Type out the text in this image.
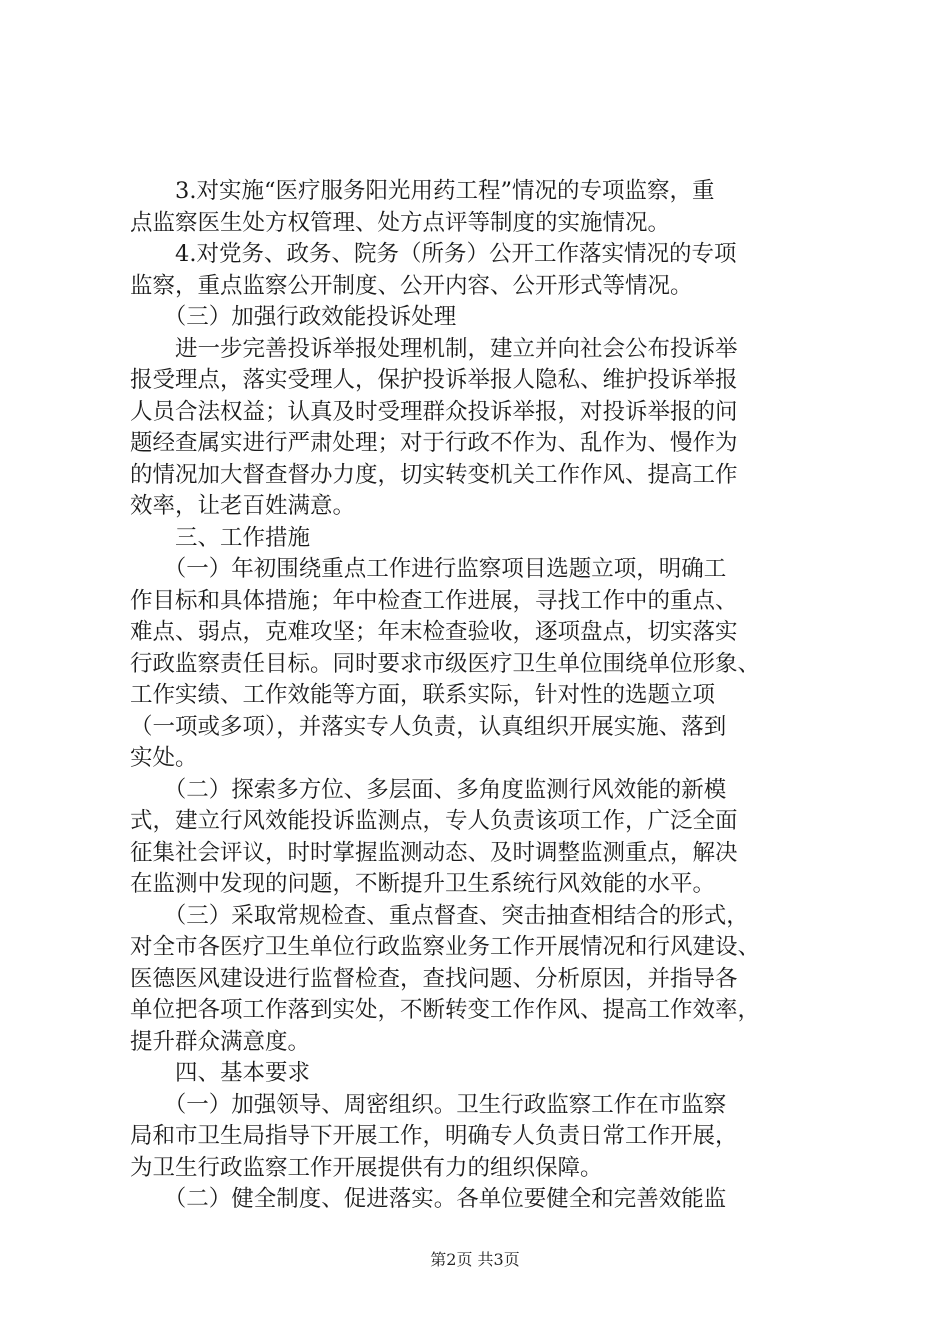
　　3.对实施“医疗服务阳光用药工程”情况的专项监察，重
点监察医生处方权管理、处方点评等制度的实施情况。
　　4.对党务、政务、院务（所务）公开工作落实情况的专项
监察，重点监察公开制度、公开内容、公开形式等情况。
　　（三）加强行政效能投诉处理
　　进一步完善投诉举报处理机制，建立并向社会公布投诉举
报受理点，落实受理人，保护投诉举报人隐私、维护投诉举报
人员合法权益；认真及时受理群众投诉举报，对投诉举报的问
题经查属实进行严肃处理；对于行政不作为、乱作为、慢作为
的情况加大督查督办力度，切实转变机关工作作风、提高工作
效率，让老百姓满意。
　　三、工作措施
　　（一）年初围绕重点工作进行监察项目选题立项，明确工
作目标和具体措施；年中检查工作进展，寻找工作中的重点、
难点、弱点，克难攻坚；年末检查验收，逐项盘点，切实落实
行政监察责任目标。同时要求市级医疗卫生单位围绕单位形象、
工作实绩、工作效能等方面，联系实际，针对性的选题立项
（一项或多项），并落实专人负责，认真组织开展实施、落到
实处。
　　（二）探索多方位、多层面、多角度监测行风效能的新模
式，建立行风效能投诉监测点，专人负责该项工作，广泛全面
征集社会评议，时时掌握监测动态、及时调整监测重点，解决
在监测中发现的问题，不断提升卫生系统行风效能的水平。
　　（三）采取常规检查、重点督查、突击抽查相结合的形式，
对全市各医疗卫生单位行政监察业务工作开展情况和行风建设、
医德医风建设进行监督检查，查找问题、分析原因，并指导各
单位把各项工作落到实处，不断转变工作作风、提高工作效率，
提升群众满意度。
　　四、基本要求
　　（一）加强领导、周密组织。卫生行政监察工作在市监察
局和市卫生局指导下开展工作，明确专人负责日常工作开展，
为卫生行政监察工作开展提供有力的组织保障。
　　（二）健全制度、促进落实。各单位要健全和完善效能监
第2页 共3页
